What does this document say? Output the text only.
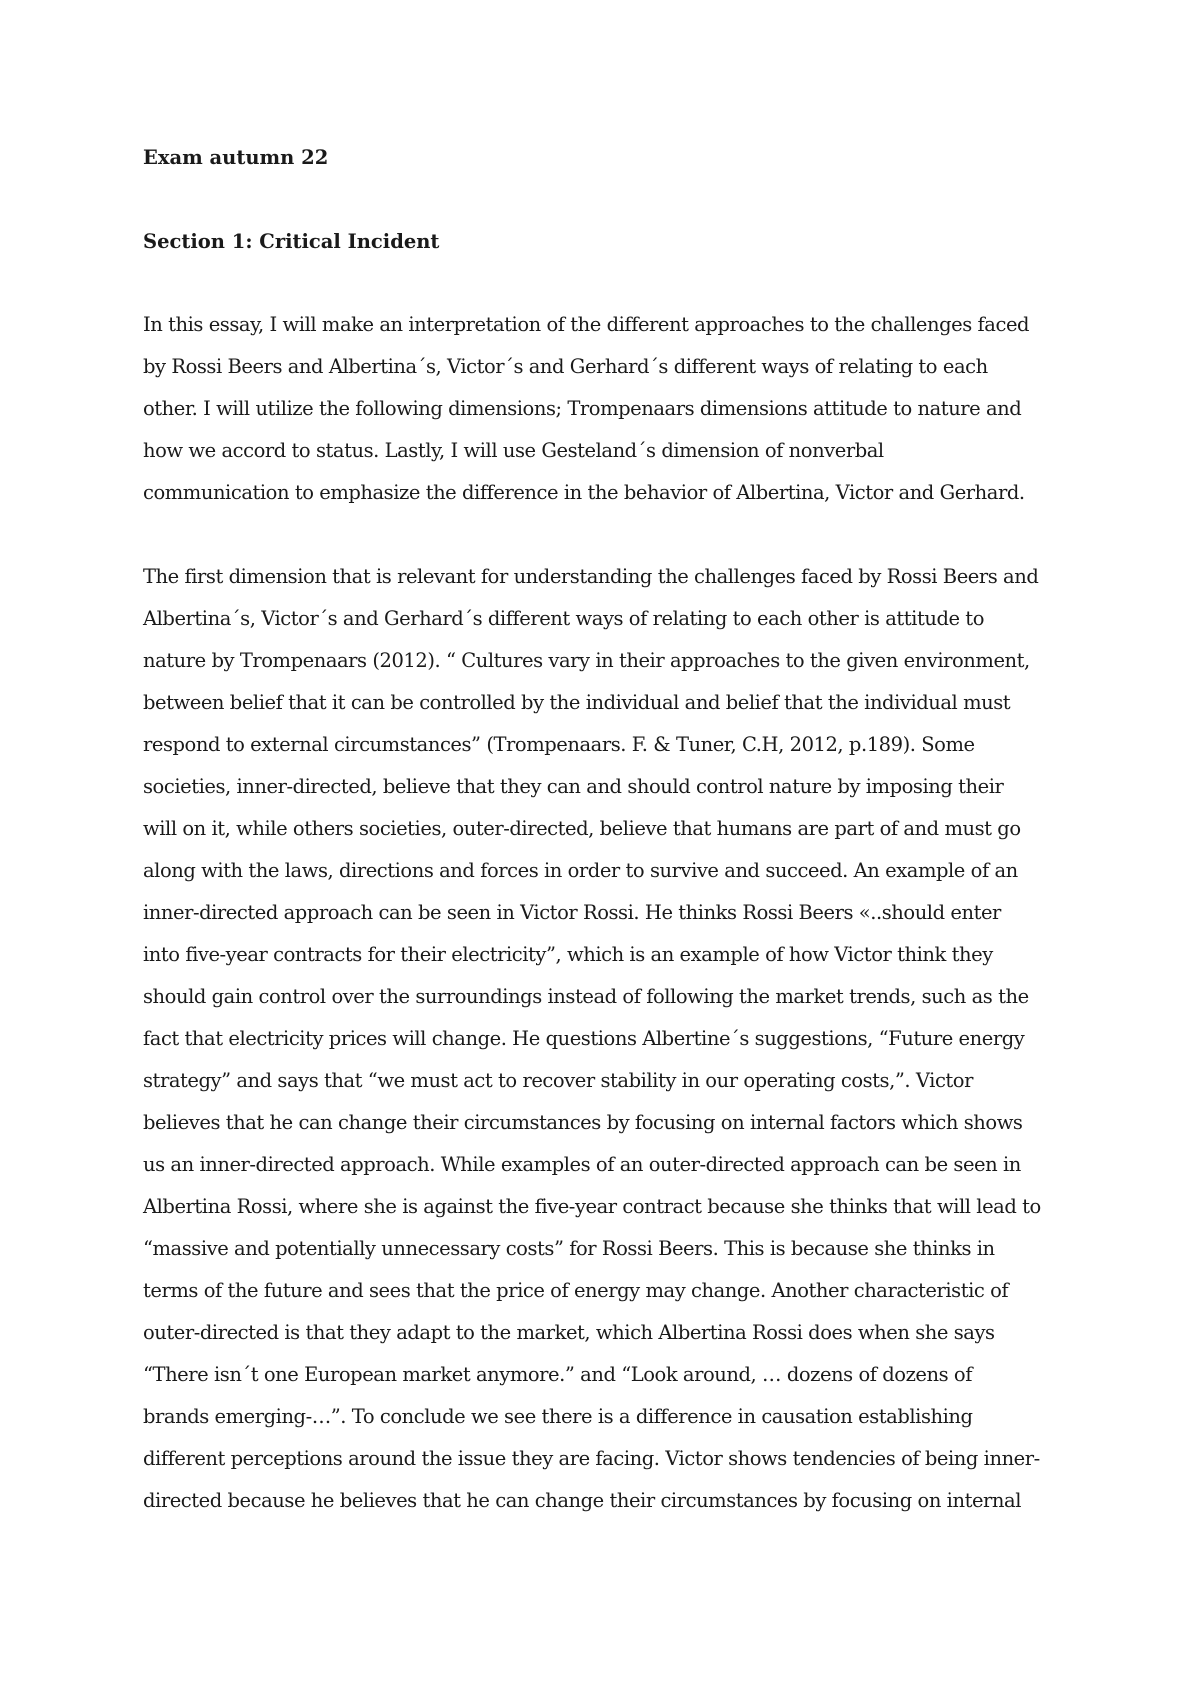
Exam autumn 22
Section 1: Critical Incident
In this essay, I will make an interpretation of the different approaches to the challenges faced
by Rossi Beers and Albertina´s, Victor´s and Gerhard´s different ways of relating to each
other. I will utilize the following dimensions; Trompenaars dimensions attitude to nature and
how we accord to status. Lastly, I will use Gesteland´s dimension of nonverbal
communication to emphasize the difference in the behavior of Albertina, Victor and Gerhard.
The first dimension that is relevant for understanding the challenges faced by Rossi Beers and
Albertina´s, Victor´s and Gerhard´s different ways of relating to each other is attitude to
nature by Trompenaars (2012). “ Cultures vary in their approaches to the given environment,
between belief that it can be controlled by the individual and belief that the individual must
respond to external circumstances” (Trompenaars. F. & Tuner, C.H, 2012, p.189). Some
societies, inner-directed, believe that they can and should control nature by imposing their
will on it, while others societies, outer-directed, believe that humans are part of and must go
along with the laws, directions and forces in order to survive and succeed. An example of an
inner-directed approach can be seen in Victor Rossi. He thinks Rossi Beers «..should enter
into five-year contracts for their electricity”, which is an example of how Victor think they
should gain control over the surroundings instead of following the market trends, such as the
fact that electricity prices will change. He questions Albertine´s suggestions, “Future energy
strategy” and says that “we must act to recover stability in our operating costs,”. Victor
believes that he can change their circumstances by focusing on internal factors which shows
us an inner-directed approach. While examples of an outer-directed approach can be seen in
Albertina Rossi, where she is against the five-year contract because she thinks that will lead to
“massive and potentially unnecessary costs” for Rossi Beers. This is because she thinks in
terms of the future and sees that the price of energy may change. Another characteristic of
outer-directed is that they adapt to the market, which Albertina Rossi does when she says
“There isn´t one European market anymore.” and “Look around, … dozens of dozens of
brands emerging-…”. To conclude we see there is a difference in causation establishing
different perceptions around the issue they are facing. Victor shows tendencies of being inner-
directed because he believes that he can change their circumstances by focusing on internal
